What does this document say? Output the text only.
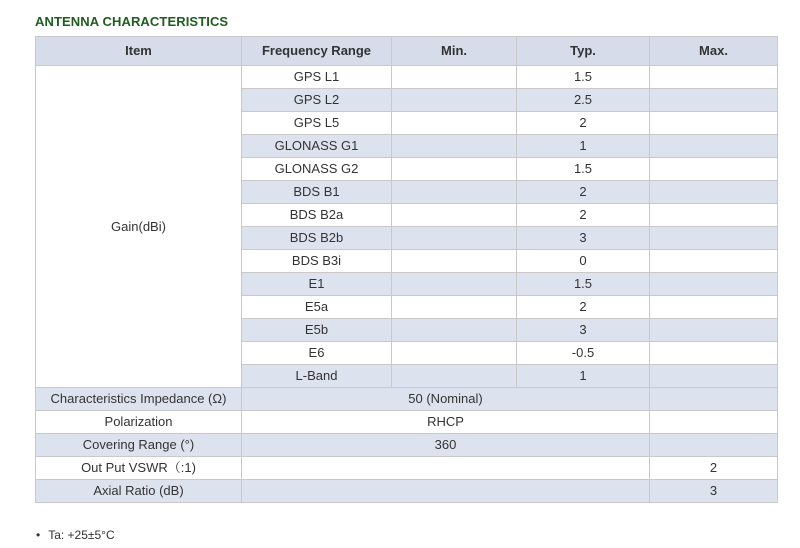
ANTENNA CHARACTERISTICS
Item	Frequency Range	Min.	Typ.	Max.
Gain(dBi)	GPS L1		1.5	
	GPS L2		2.5	
	GPS L5		2	
	GLONASS G1		1	
	GLONASS G2		1.5	
	BDS B1		2	
	BDS B2a		2	
	BDS B2b		3	
	BDS B3i		0	
	E1		1.5	
	E5a		2	
	E5b		3	
	E6		-0.5	
	L-Band		1	
Characteristics Impedance (Ω)	50 (Nominal)			
Polarization	RHCP			
Covering Range (°)	360			
Out Put VSWR（:1)				2
Axial Ratio (dB)				3
• Ta: +25±5°C
